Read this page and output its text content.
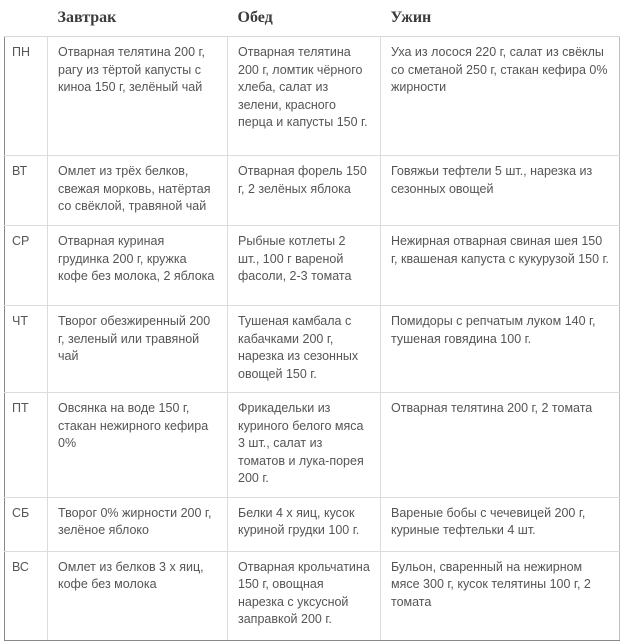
	Завтрак	Обед	Ужин
ПН	Отварная телятина 200 г, рагу из тёртой капусты с киноа 150 г, зелёный чай	Отварная телятина 200 г, ломтик чёрного хлеба, салат из зелени, красного перца и капусты 150 г.	Уха из лосося 220 г, салат из свёклы со сметаной 250 г, стакан кефира 0% жирности
ВТ	Омлет из трёх белков, свежая морковь, натёртая со свёклой, травяной чай	Отварная форель 150 г, 2 зелёных яблока	Говяжьи тефтели 5 шт., нарезка из сезонных овощей
СР	Отварная куриная грудинка 200 г, кружка кофе без молока, 2 яблока	Рыбные котлеты 2 шт., 100 г вареной фасоли, 2-3 томата	Нежирная отварная свиная шея 150 г, квашеная капуста с кукурузой 150 г.
ЧТ	Творог обезжиренный 200 г, зеленый или травяной чай	Тушеная камбала с кабачками 200 г, нарезка из сезонных овощей 150 г.	Помидоры с репчатым луком 140 г, тушеная говядина 100 г.
ПТ	Овсянка на воде 150 г, стакан нежирного кефира 0%	Фрикадельки из куриного белого мяса 3 шт., салат из томатов и лука-порея 200 г.	Отварная телятина 200 г, 2 томата
СБ	Творог 0% жирности 200 г, зелёное яблоко	Белки 4 х яиц, кусок куриной грудки 100 г.	Вареные бобы с чечевицей 200 г, куриные тефтельки 4 шт.
ВС	Омлет из белков 3 х яиц, кофе без молока	Отварная крольчатина 150 г, овощная нарезка с уксусной заправкой 200 г.	Бульон, сваренный на нежирном мясе 300 г, кусок телятины 100 г, 2 томата
